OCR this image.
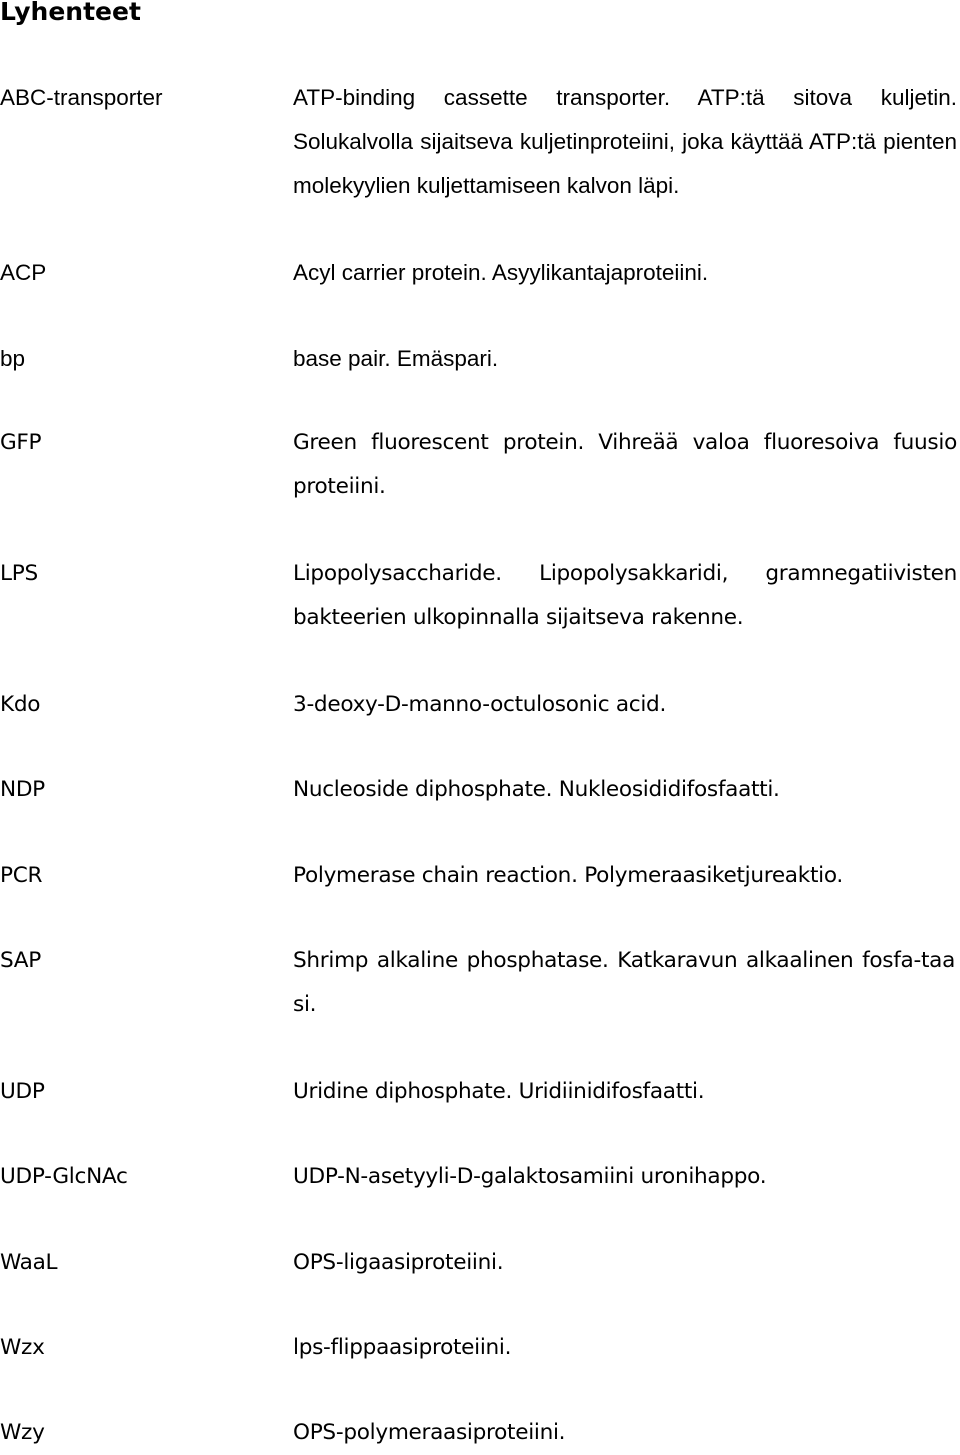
Lyhenteet
ABC-transporter	ATP-binding cassette transporter. ATP:tä sitova kuljetin. Solukalvolla sijaitseva kuljetinproteiini, joka käyttää ATP:tä pienten molekyylien kuljettamiseen kalvon läpi.
ACP	Acyl carrier protein. Asyylikantajaproteiini.
bp	base pair. Emäspari.
GFP	Green fluorescent protein. Vihreää valoa fluoresoiva fuusio proteiini.
LPS	Lipopolysaccharide. Lipopolysakkaridi, gramnegatiivisten bakteerien ulkopinnalla sijaitseva rakenne.
Kdo	3-deoxy-D-manno-octulosonic acid.
NDP	Nucleoside diphosphate. Nukleosididifosfaatti.
PCR	Polymerase chain reaction. Polymeraasiketjureaktio.
SAP	Shrimp alkaline phosphatase. Katkaravun alkaalinen fosfa-taasi.
UDP	Uridine diphosphate. Uridiinidifosfaatti.
UDP-GlcNAc	UDP-N-asetyyli-D-galaktosamiini uronihappo.
WaaL	OPS-ligaasiproteiini.
Wzx	lps-flippaasiproteiini.
Wzy	OPS-polymeraasiproteiini.
